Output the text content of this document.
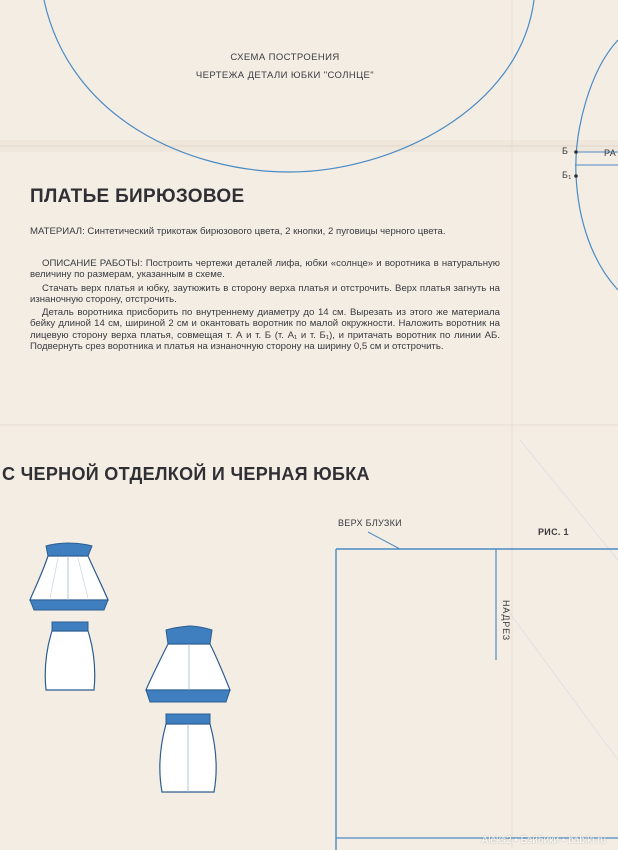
СХЕМА ПОСТРОЕНИЯ
ЧЕРТЕЖА ДЕТАЛИ ЮБКИ "СОЛНЦЕ"
Б
Б₁
РА
ПЛАТЬЕ БИРЮЗОВОЕ
МАТЕРИАЛ: Синтетический трикотаж бирюзового цвета, 2 кнопки, 2 пуговицы черного цвета.
ОПИСАНИЕ РАБОТЫ: Построить чертежи деталей лифа, юбки «солнце» и воротника в натуральную величину по размерам, указанным в схеме.
Стачать верх платья и юбку, заутюжить в сторону верха платья и отстрочить. Верх платья загнуть на изнаночную сторону, отстрочить.
Деталь воротника присборить по внутреннему диаметру до 14 см. Вырезать из этого же материала бейку длиной 14 см, шириной 2 см и окантовать воротник по малой окружности. Наложить воротник на лицевую сторону верха платья, совмещая т. А и т. Б (т. А₁ и т. Б₁), и притачать воротник по линии АБ. Подвернуть срез воротника и платья на изнаночную сторону на ширину 0,5 см и отстрочить.
С ЧЕРНОЙ ОТДЕЛКОЙ И ЧЕРНАЯ ЮБКА
ВЕРХ БЛУЗКИ
РИС. 1
НАДРЕЗ
Aleks2 • Бэйбики • babiki.ru
